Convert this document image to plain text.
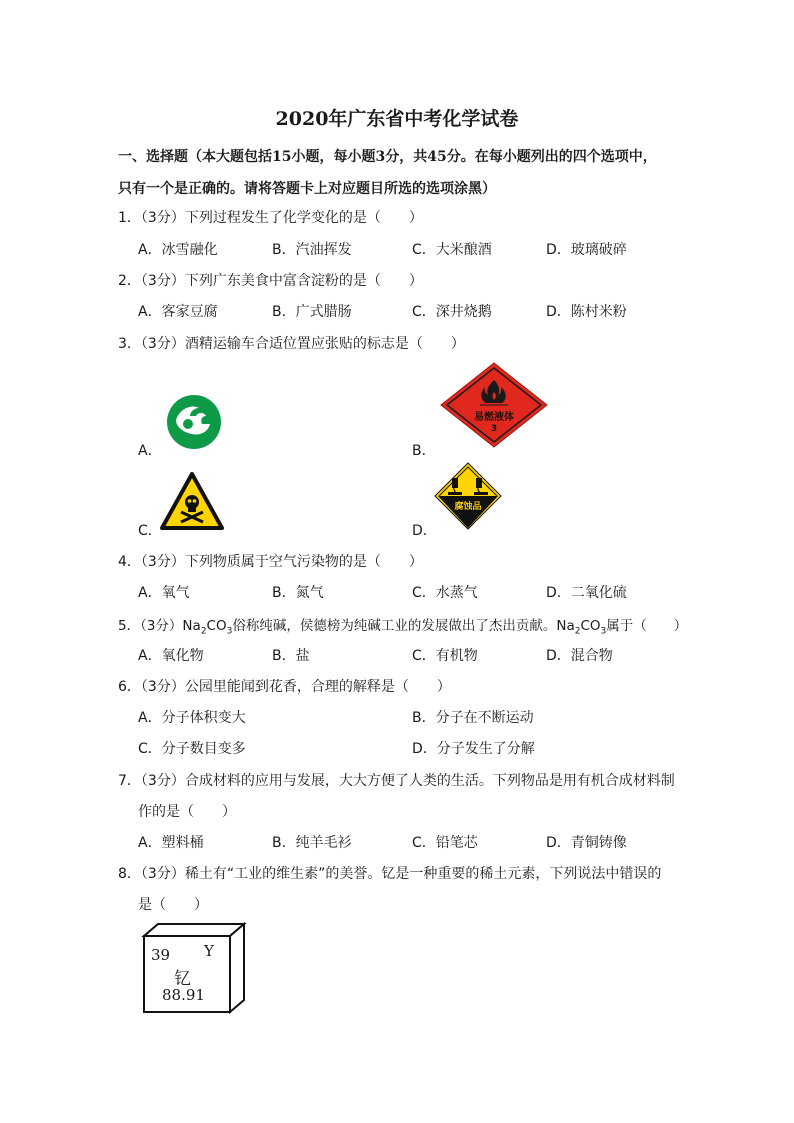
2020年广东省中考化学试卷
一、选择题（本大题包括15小题，每小题3分，共45分。在每小题列出的四个选项中，
只有一个是正确的。请将答题卡上对应题目所选的选项涂黑）
1．（3分）下列过程发生了化学变化的是（　　）
A．冰雪融化	B．汽油挥发	C．大米酿酒	D．玻璃破碎
2．（3分）下列广东美食中富含淀粉的是（　　）
A．客家豆腐	B．广式腊肠	C．深井烧鹅	D．陈村米粉
3．（3分）酒精运输车合适位置应张贴的标志是（　　）
A．	B．
易燃液体
3
C．	D．
腐蚀品
4．（3分）下列物质属于空气污染物的是（　　）
A．氧气	B．氮气	C．水蒸气	D．二氧化硫
5．（3分）$Na_2CO_3$俗称纯碱，侯德榜为纯碱工业的发展做出了杰出贡献。$Na_2CO_3$属于（　　）
A．氧化物	B．盐	C．有机物	D．混合物
6．（3分）公园里能闻到花香，合理的解释是（　　）
A．分子体积变大	B．分子在不断运动
C．分子数目变多	D．分子发生了分解
7．（3分）合成材料的应用与发展，大大方便了人类的生活。下列物品是用有机合成材料制
作的是（　　）
A．塑料桶	B．纯羊毛衫	C．铅笔芯	D．青铜铸像
8．（3分）稀土有“工业的维生素”的美誉。钇是一种重要的稀土元素，下列说法中错误的
是（　　）
39 Y
钇
88.91
